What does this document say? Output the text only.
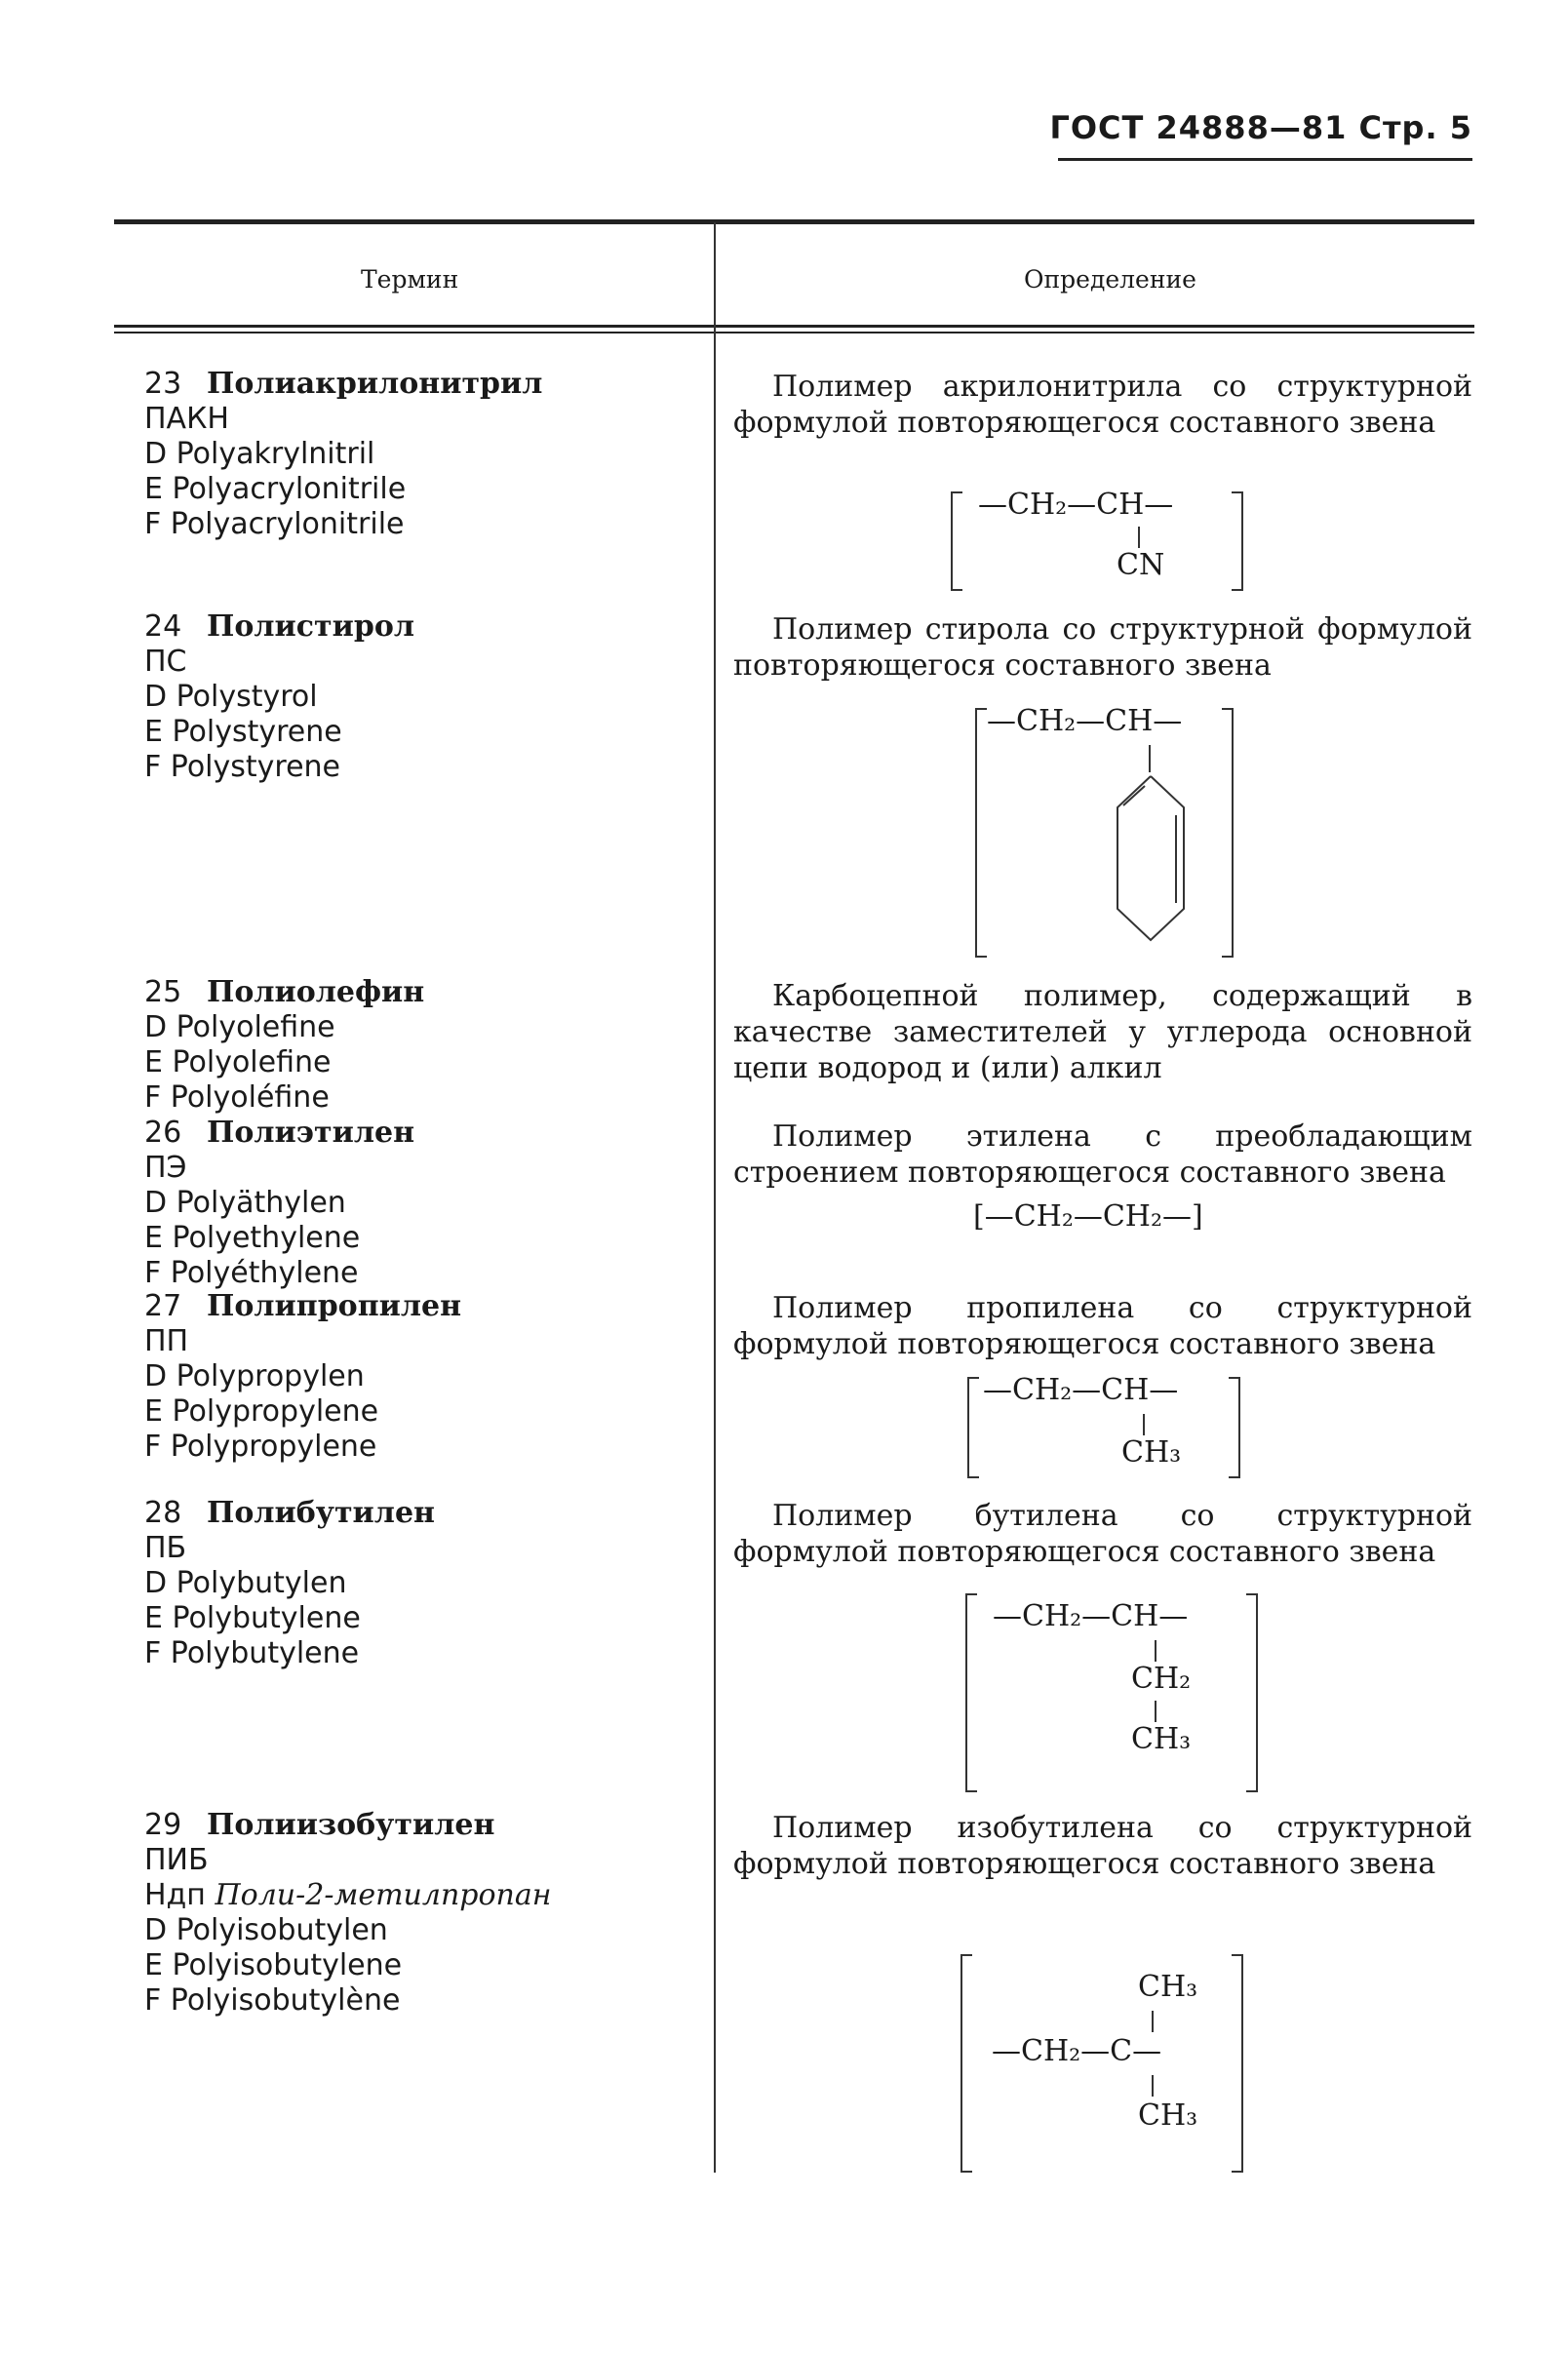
ГОСТ 24888—81 Стр. 5
Термин	Определение
23 Полиакрилонитрил
ПАКН
D Polyakrylnitril
E Polyacrylonitrile
F Polyacrylonitrile
Полимер акрилонитрила со структурной формулой повторяющегося составного звена
—CH₂—CH—
CN
24 Полистирол
ПС
D Polystyrol
E Polystyrene
F Polystyrene
Полимер стирола со структурной формулой повторяющегося составного звена
—CH₂—CH—
25 Полиолефин
D Polyolefine
E Polyolefine
F Polyoléfine
Карбоцепной полимер, содержащий в качестве заместителей у углерода основной цепи водород и (или) алкил
26 Полиэтилен
ПЭ
D Polyäthylen
E Polyethylene
F Polyéthylene
Полимер этилена с преобладающим строением повторяющегося составного звена
[—CH₂—CH₂—]
27 Полипропилен
ПП
D Polypropylen
E Polypropylene
F Polypropylene
Полимер пропилена со структурной формулой повторяющегося составного звена
—CH₂—CH—
CH₃
28 Полибутилен
ПБ
D Polybutylen
E Polybutylene
F Polybutylene
Полимер бутилена со структурной формулой повторяющегося составного звена
—CH₂—CH—
CH₂
CH₃
29 Полиизобутилен
ПИБ
Ндп Поли-2-метилпропан
D Polyisobutylen
E Polyisobutylene
F Polyisobutylène
Полимер изобутилена со структурной формулой повторяющегося составного звена
CH₃
—CH₂—C—
CH₃
